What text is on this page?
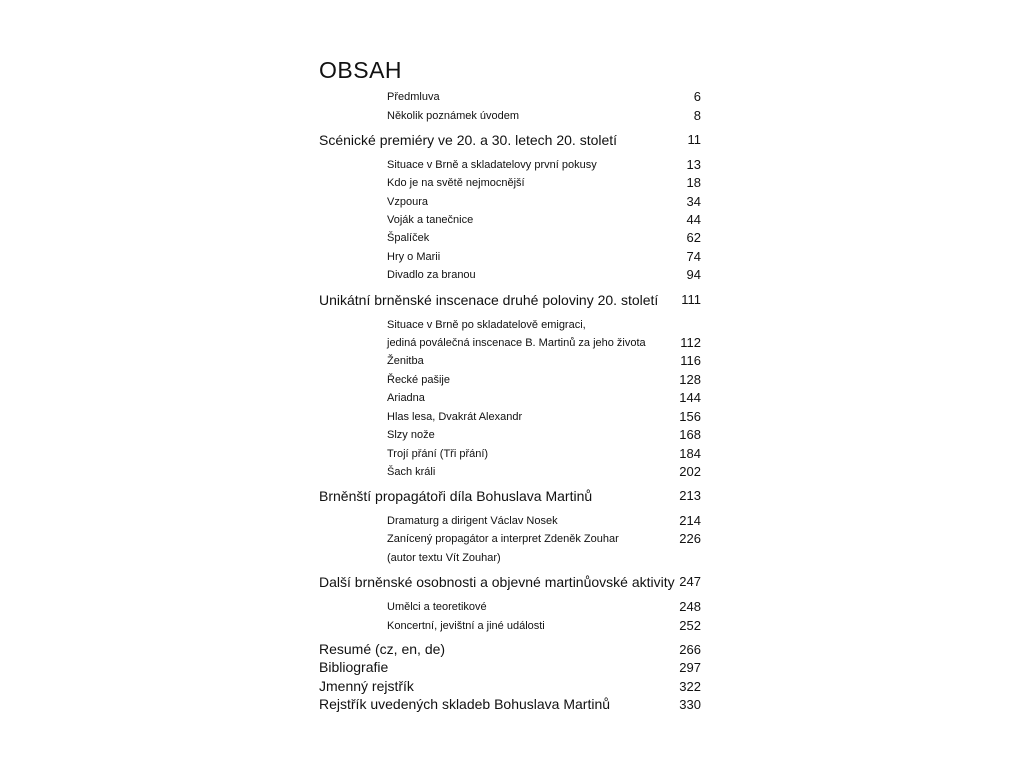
OBSAH
Předmluva	6
Několik poznámek úvodem	8
Scénické premiéry ve 20. a 30. letech 20. století	11
Situace v Brně a skladatelovy první pokusy	13
Kdo je na světě nejmocnější	18
Vzpoura	34
Voják a tanečnice	44
Špalíček	62
Hry o Marii	74
Divadlo za branou	94
Unikátní brněnské inscenace druhé poloviny 20. století 111
Situace v Brně po skladatelově emigraci,
jediná poválečná inscenace B. Martinů za jeho života	112
Ženitba	116
Řecké pašije	128
Ariadna	144
Hlas lesa, Dvakrát Alexandr	156
Slzy nože	168
Trojí přání (Tři přání)	184
Šach králi	202
Brněnští propagátoři díla Bohuslava Martinů	213
Dramaturg a dirigent Václav Nosek	214
Zanícený propagátor a interpret Zdeněk Zouhar	226
(autor textu Vít Zouhar)
Další brněnské osobnosti a objevné martinůovské aktivity 247
Umělci a teoretikové	248
Koncertní, jevištní a jiné události	252
Resumé (cz, en, de)	266
Bibliografie	297
Jmenný rejstřík	322
Rejstřík uvedených skladeb Bohuslava Martinů	330
